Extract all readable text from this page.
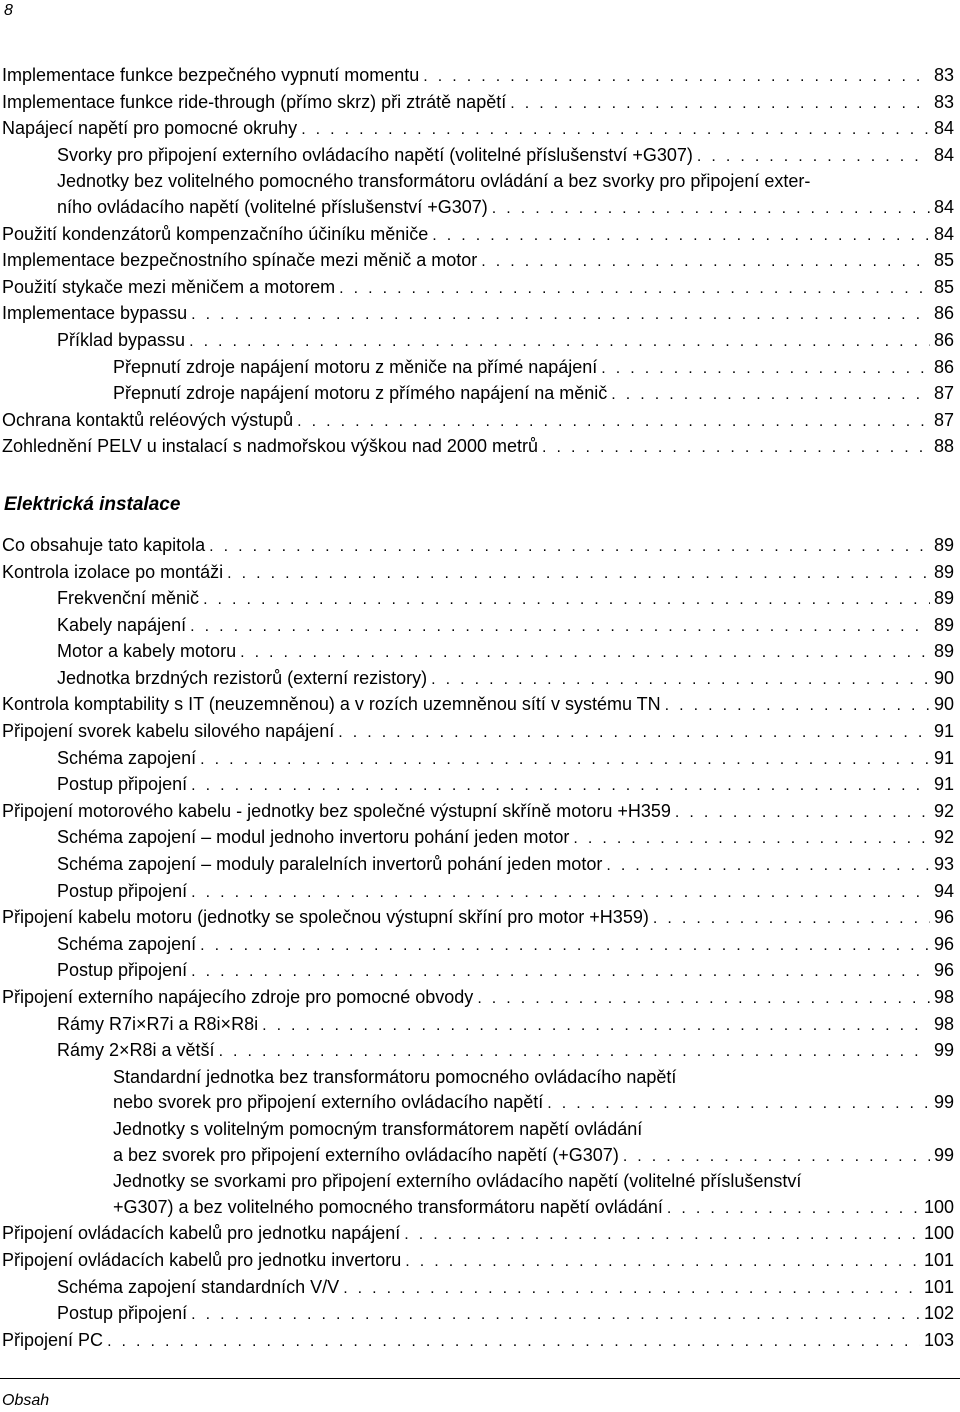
8
Implementace funkce bezpečného vypnutí momentu . . .	83
Implementace funkce ride-through (přímo skrz) při ztrátě napětí . . .	83
Napájecí napětí pro pomocné okruhy . . .	84
Svorky pro připojení externího ovládacího napětí (volitelné příslušenství +G307) . . .	84
Jednotky bez volitelného pomocného transformátoru ovládání a bez svorky pro připojení exter-
ního ovládacího napětí (volitelné příslušenství +G307) . . .	84
Použití kondenzátorů kompenzačního účiníku měniče . . .	84
Implementace bezpečnostního spínače mezi měnič a motor . . .	85
Použití stykače mezi měničem a motorem . . .	85
Implementace bypassu . . .	86
Příklad bypassu . . .	86
Přepnutí zdroje napájení motoru z měniče na přímé napájení . . .	86
Přepnutí zdroje napájení motoru z přímého napájení na měnič . . .	87
Ochrana kontaktů reléových výstupů . . .	87
Zohlednění PELV u instalací s nadmořskou výškou nad 2000 metrů . . .	88
Elektrická instalace
Co obsahuje tato kapitola . . .	89
Kontrola izolace po montáži . . .	89
Frekvenční měnič . . .	89
Kabely napájení . . .	89
Motor a kabely motoru . . .	89
Jednotka brzdných rezistorů (externí rezistory) . . .	90
Kontrola komptability s IT (neuzemněnou) a v rozích uzemněnou sítí v systému TN . . .	90
Připojení svorek kabelu silového napájení . . .	91
Schéma zapojení . . .	91
Postup připojení . . .	91
Připojení motorového kabelu - jednotky bez společné výstupní skříně motoru +H359 . . .	92
Schéma zapojení – modul jednoho invertoru pohání jeden motor . . .	92
Schéma zapojení – moduly paralelních invertorů pohání jeden motor . . .	93
Postup připojení . . .	94
Připojení kabelu motoru (jednotky se společnou výstupní skříní pro motor +H359) . . .	96
Schéma zapojení . . .	96
Postup připojení . . .	96
Připojení externího napájecího zdroje pro pomocné obvody . . .	98
Rámy R7i×R7i a R8i×R8i . . .	98
Rámy 2×R8i a větší . . .	99
Standardní jednotka bez transformátoru pomocného ovládacího napětí
nebo svorek pro připojení externího ovládacího napětí . . .	99
Jednotky s volitelným pomocným transformátorem napětí ovládání
a bez svorek pro připojení externího ovládacího napětí (+G307) . . .	99
Jednotky se svorkami pro připojení externího ovládacího napětí (volitelné příslušenství
+G307) a bez volitelného pomocného transformátoru napětí ovládání . . .	100
Připojení ovládacích kabelů pro jednotku napájení . . .	100
Připojení ovládacích kabelů pro jednotku invertoru . . .	101
Schéma zapojení standardních V/V . . .	101
Postup připojení . . .	102
Připojení PC . . .	103
Obsah
